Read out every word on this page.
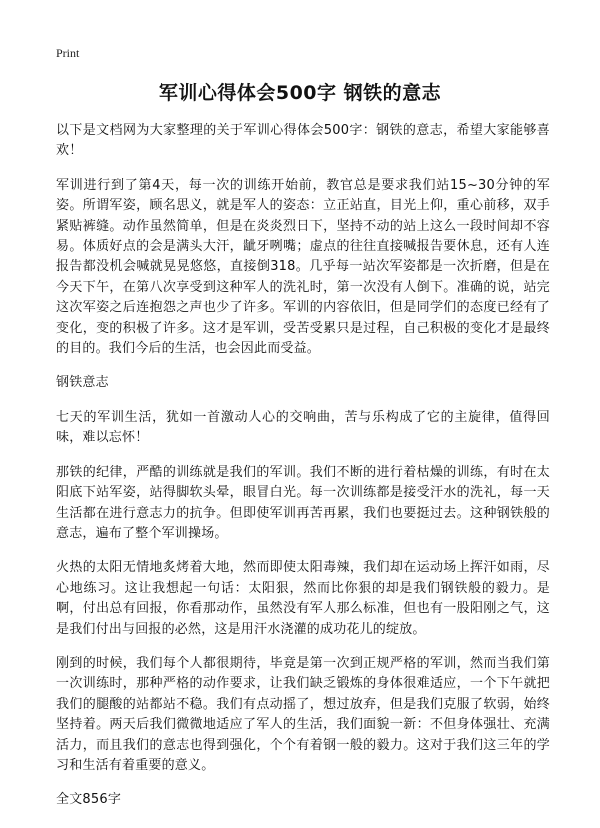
Print
军训心得体会500字 钢铁的意志

以下是文档网为大家整理的关于军训心得体会500字：钢铁的意志，希望大家能够喜欢！

军训进行到了第4天，每一次的训练开始前，教官总是要求我们站15~30分钟的军姿。所谓军姿，顾名思义，就是军人的姿态：立正站直，目光上仰，重心前移，双手紧贴裤缝。动作虽然简单，但是在炎炎烈日下，坚持不动的站上这么一段时间却不容易。体质好点的会是满头大汗，龇牙咧嘴；虚点的往往直接喊报告要休息，还有人连报告都没机会喊就晃晃悠悠，直接倒318。几乎每一站次军姿都是一次折磨，但是在今天下午，在第八次享受到这种军人的洗礼时，第一次没有人倒下。准确的说，站完这次军姿之后连抱怨之声也少了许多。军训的内容依旧，但是同学们的态度已经有了变化，变的积极了许多。这才是军训，受苦受累只是过程，自己积极的变化才是最终的目的。我们今后的生活，也会因此而受益。

钢铁意志

七天的军训生活，犹如一首激动人心的交响曲，苦与乐构成了它的主旋律，值得回味，难以忘怀！

那铁的纪律，严酷的训练就是我们的军训。我们不断的进行着枯燥的训练，有时在太阳底下站军姿，站得脚软头晕，眼冒白光。每一次训练都是接受汗水的洗礼，每一天生活都在进行意志力的抗争。但即使军训再苦再累，我们也要挺过去。这种钢铁般的意志，遍布了整个军训操场。

火热的太阳无情地炙烤着大地，然而即使太阳毒辣，我们却在运动场上挥汗如雨，尽心地练习。这让我想起一句话：太阳狠，然而比你狠的却是我们钢铁般的毅力。是啊，付出总有回报，你看那动作，虽然没有军人那么标准，但也有一股阳刚之气，这是我们付出与回报的必然，这是用汗水浇灌的成功花儿的绽放。

刚到的时候，我们每个人都很期待，毕竟是第一次到正规严格的军训，然而当我们第一次训练时，那种严格的动作要求，让我们缺乏锻炼的身体很难适应，一个下午就把我们的腿酸的站都站不稳。我们有点动摇了，想过放弃，但是我们克服了软弱，始终坚持着。两天后我们微微地适应了军人的生活，我们面貌一新：不但身体强壮、充满活力，而且我们的意志也得到强化，个个有着钢一般的毅力。这对于我们这三年的学习和生活有着重要的意义。

全文856字
